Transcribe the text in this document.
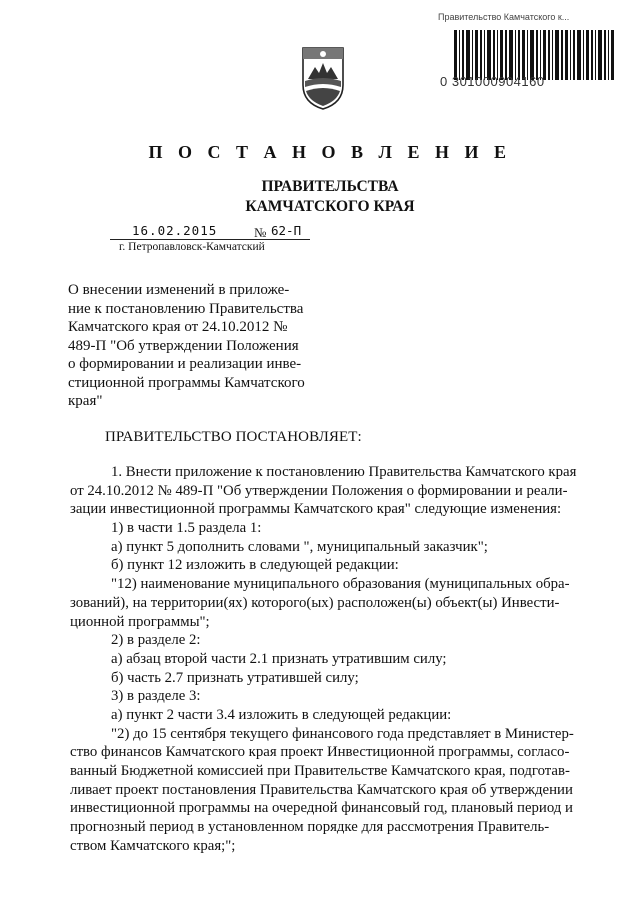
Правительство Камчатского к...
0 301000904160
П О С Т А Н О В Л Е Н И Е
ПРАВИТЕЛЬСТВА
КАМЧАТСКОГО КРАЯ
16.02.2015	№ 62-П
г. Петропавловск-Камчатский
О внесении изменений в приложе-
ние к постановлению Правительства
Камчатского края от 24.10.2012 №
489-П "Об утверждении Положения
о формировании и реализации инве-
стиционной программы Камчатского
края"
ПРАВИТЕЛЬСТВО ПОСТАНОВЛЯЕТ:
1. Внести приложение к постановлению Правительства Камчатского края
от 24.10.2012 № 489-П "Об утверждении Положения о формировании и реали-
зации инвестиционной программы Камчатского края" следующие изменения:
1) в части 1.5 раздела 1:
а) пункт 5 дополнить словами ", муниципальный заказчик";
б) пункт 12 изложить в следующей редакции:
"12) наименование муниципального образования (муниципальных обра-
зований), на территории(ях) которого(ых) расположен(ы) объект(ы) Инвести-
ционной программы";
2) в разделе 2:
а) абзац второй части 2.1 признать утратившим силу;
б) часть 2.7 признать утратившей силу;
3) в разделе 3:
а) пункт 2 части 3.4 изложить в следующей редакции:
"2) до 15 сентября текущего финансового года представляет в Министер-
ство финансов Камчатского края проект Инвестиционной программы, согласо-
ванный Бюджетной комиссией при Правительстве Камчатского края, подготав-
ливает проект постановления Правительства Камчатского края об утверждении
инвестиционной программы на очередной финансовый год, плановый период и
прогнозный период в установленном порядке для рассмотрения Правитель-
ством Камчатского края;";
